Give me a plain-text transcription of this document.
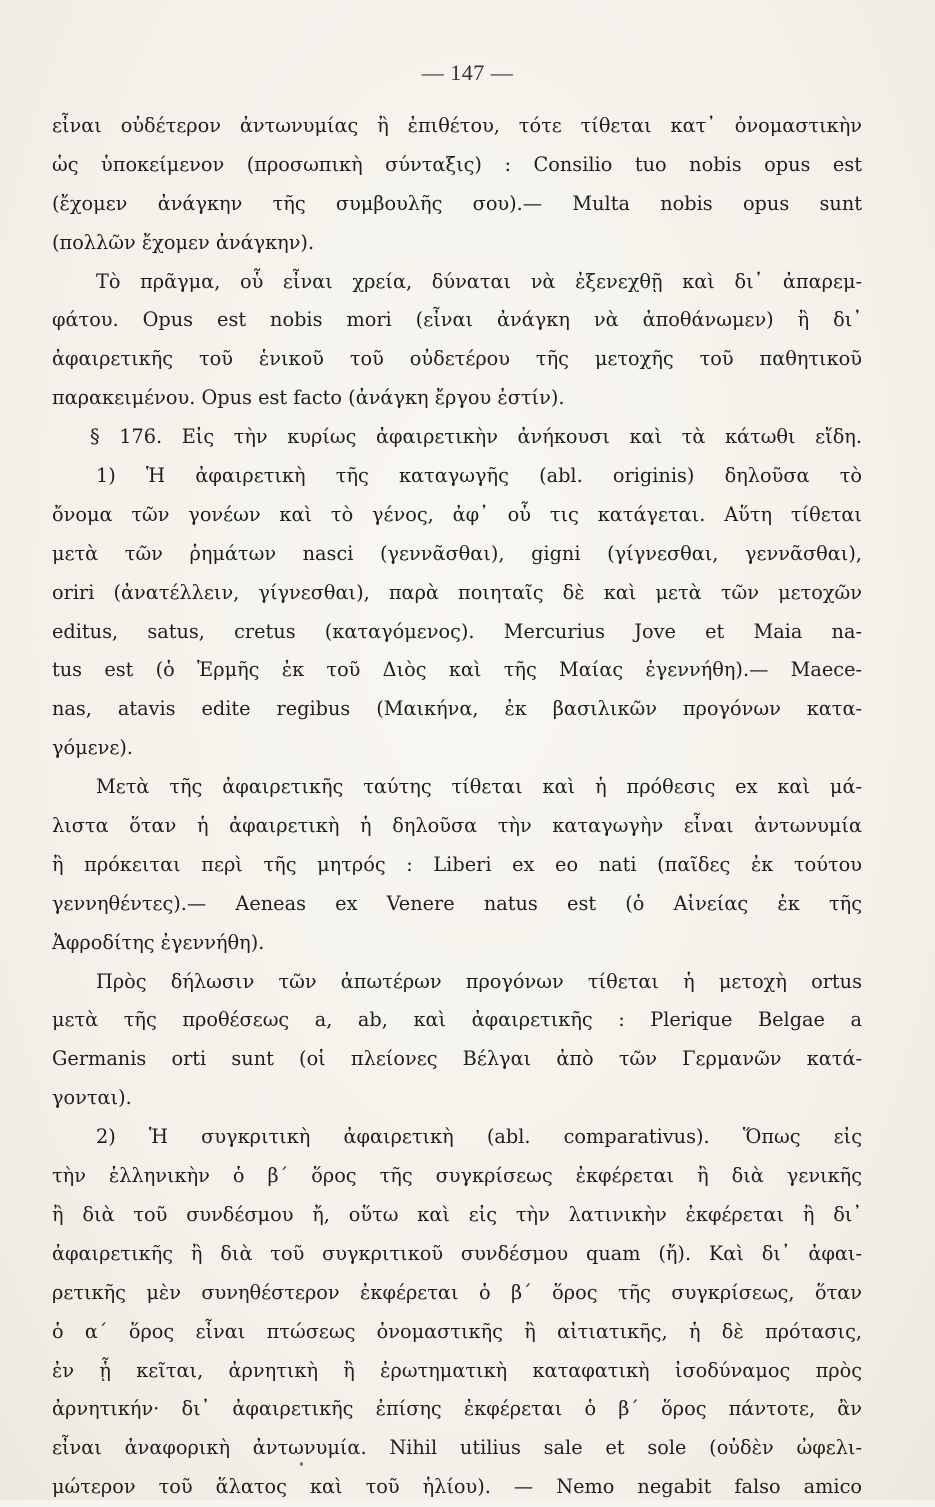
— 147 —
εἶναι οὐδέτερον ἀντωνυμίας ἢ ἐπιθέτου, τότε τίθεται κατ᾽ ὀνομαστικὴν
ὡς ὑποκείμενον (προσωπικὴ σύνταξις) : Consilio tuo nobis opus est
(ἔχομεν ἀνάγκην τῆς συμβουλῆς σου).— Multa nobis opus sunt
(πολλῶν ἔχομεν ἀνάγκην).
Τὸ πρᾶγμα, οὗ εἶναι χρεία, δύναται νὰ ἐξενεχθῇ καὶ δι᾽ ἀπαρεμ-
φάτου. Opus est nobis mori (εἶναι ἀνάγκη νὰ ἀποθάνωμεν) ἢ δι᾽
ἀφαιρετικῆς τοῦ ἑνικοῦ τοῦ οὐδετέρου τῆς μετοχῆς τοῦ παθητικοῦ
παρακειμένου. Opus est facto (ἀνάγκη ἔργου ἐστίν).
§ 176. Εἰς τὴν κυρίως ἀφαιρετικὴν ἀνήκουσι καὶ τὰ κάτωθι εἴδη.
1) Ἡ ἀφαιρετικὴ τῆς καταγωγῆς (abl. originis) δηλοῦσα τὸ
ὄνομα τῶν γονέων καὶ τὸ γένος, ἀφ᾽ οὗ τις κατάγεται. Αὕτη τίθεται
μετὰ τῶν ῥημάτων nasci (γεννᾶσθαι), gigni (γίγνεσθαι, γεννᾶσθαι),
oriri (ἀνατέλλειν, γίγνεσθαι), παρὰ ποιηταῖς δὲ καὶ μετὰ τῶν μετοχῶν
editus, satus, cretus (καταγόμενος). Mercurius Jove et Maia na-
tus est (ὁ Ἑρμῆς ἐκ τοῦ Διὸς καὶ τῆς Μαίας ἐγεννήθη).— Maece-
nas, atavis edite regibus (Μαικήνα, ἐκ βασιλικῶν προγόνων κατα-
γόμενε).
Μετὰ τῆς ἀφαιρετικῆς ταύτης τίθεται καὶ ἡ πρόθεσις ex καὶ μά-
λιστα ὅταν ἡ ἀφαιρετικὴ ἡ δηλοῦσα τὴν καταγωγὴν εἶναι ἀντωνυμία
ἢ πρόκειται περὶ τῆς μητρός : Liberi ex eo nati (παῖδες ἐκ τούτου
γεννηθέντες).— Aeneas ex Venere natus est (ὁ Αἰνείας ἐκ τῆς
Ἀφροδίτης ἐγεννήθη).
Πρὸς δήλωσιν τῶν ἀπωτέρων προγόνων τίθεται ἡ μετοχὴ ortus
μετὰ τῆς προθέσεως a, ab, καὶ ἀφαιρετικῆς : Plerique Belgae a
Germanis orti sunt (οἱ πλείονες Βέλγαι ἀπὸ τῶν Γερμανῶν κατά-
γονται).
2) Ἡ συγκριτικὴ ἀφαιρετικὴ (abl. comparativus). Ὅπως εἰς
τὴν ἑλληνικὴν ὁ β´ ὅρος τῆς συγκρίσεως ἐκφέρεται ἢ διὰ γενικῆς
ἢ διὰ τοῦ συνδέσμου ἤ, οὕτω καὶ εἰς τὴν λατινικὴν ἐκφέρεται ἢ δι᾽
ἀφαιρετικῆς ἢ διὰ τοῦ συγκριτικοῦ συνδέσμου quam (ἤ). Καὶ δι᾽ ἀφαι-
ρετικῆς μὲν συνηθέστερον ἐκφέρεται ὁ β´ ὅρος τῆς συγκρίσεως, ὅταν
ὁ α´ ὅρος εἶναι πτώσεως ὀνομαστικῆς ἢ αἰτιατικῆς, ἡ δὲ πρότασις,
ἐν ᾗ κεῖται, ἀρνητικὴ ἢ ἐρωτηματικὴ καταφατικὴ ἰσοδύναμος πρὸς
ἀρνητικήν· δι᾽ ἀφαιρετικῆς ἐπίσης ἐκφέρεται ὁ β´ ὅρος πάντοτε, ἂν
εἶναι ἀναφορικὴ ἀντωνυμία. Nihil utilius sale et sole (οὐδὲν ὠφελι-
μώτερον τοῦ ἅλατος καὶ τοῦ ἡλίου). — Nemo negabit falso amico
